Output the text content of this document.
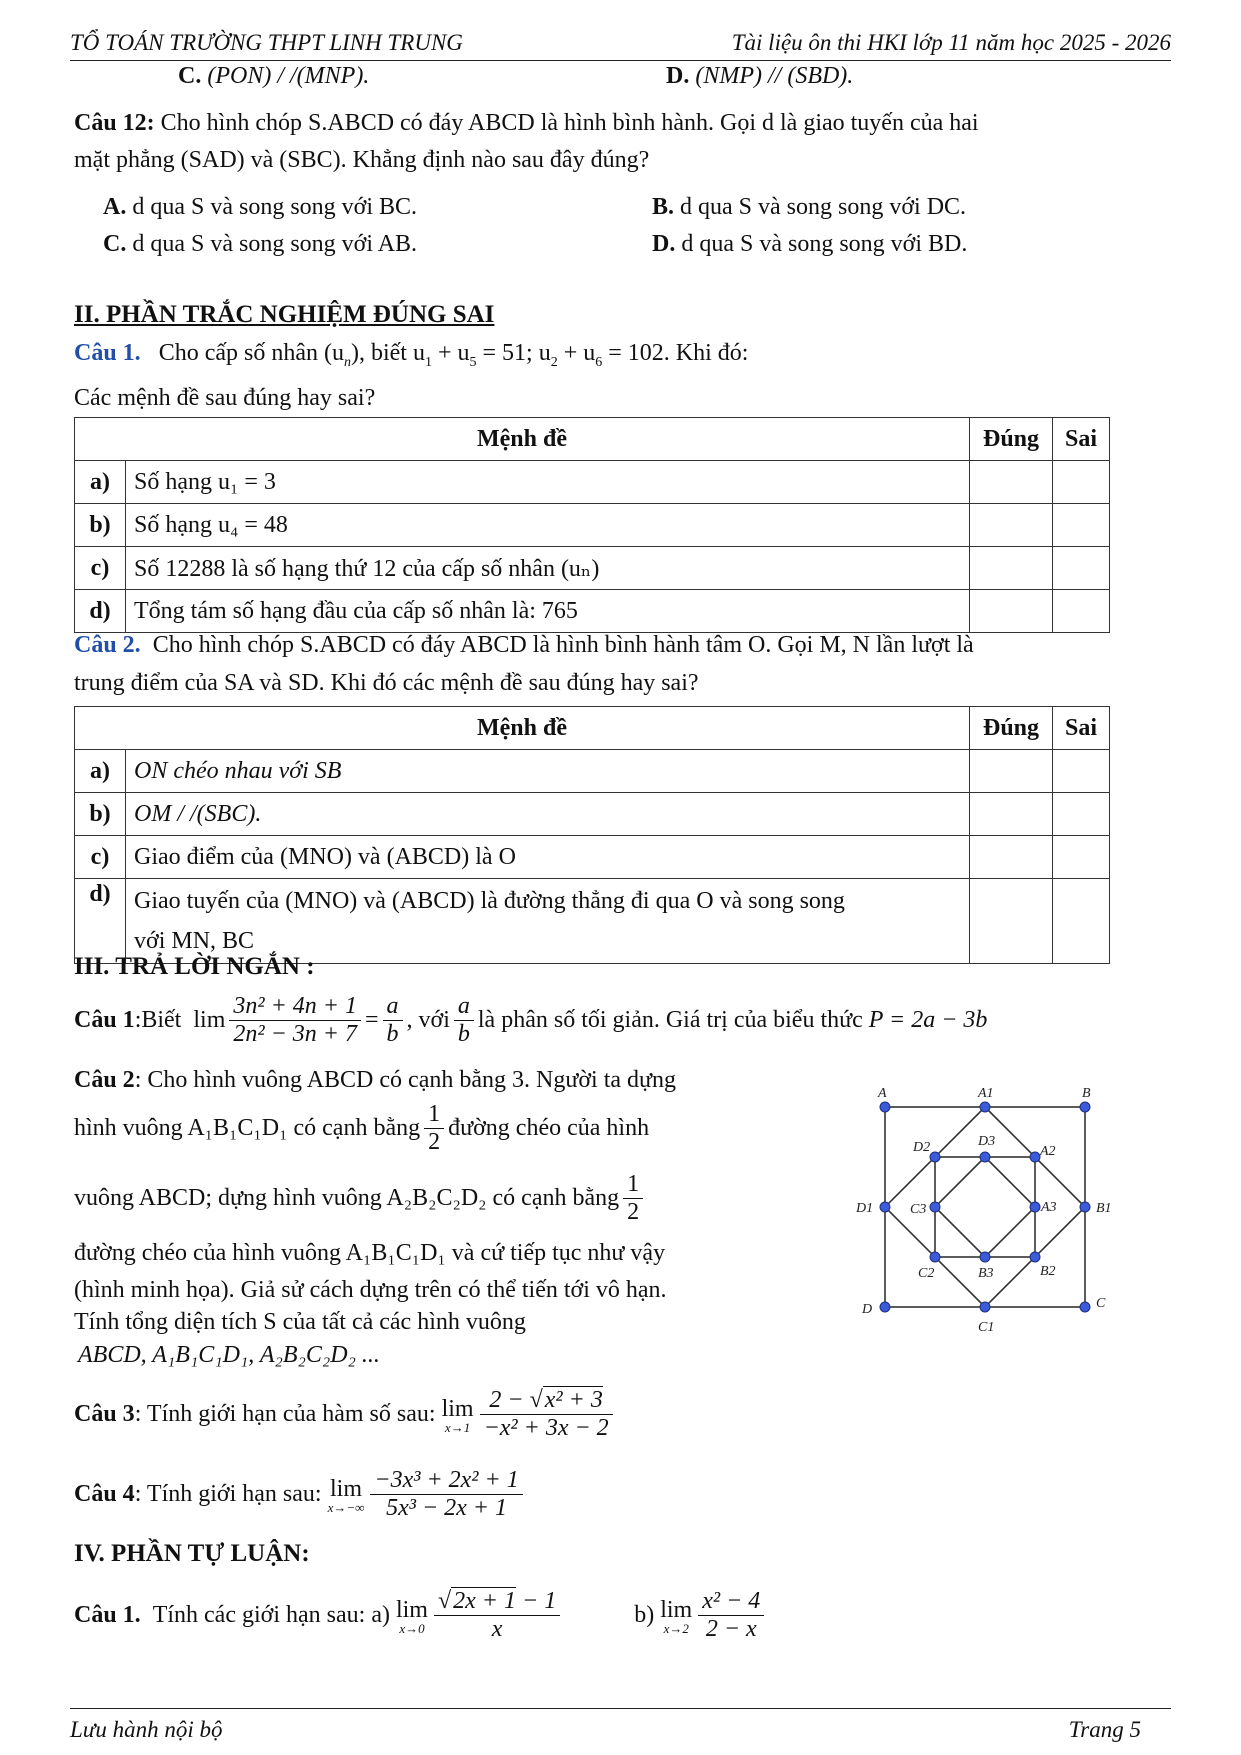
TỔ TOÁN TRƯỜNG THPT LINH TRUNG	Tài liệu ôn thi HKI lớp 11 năm học 2025 - 2026
C. (PON) / /(MNP).	D. (NMP) // (SBD).
Câu 12: Cho hình chóp S.ABCD có đáy ABCD là hình bình hành. Gọi d là giao tuyến của hai
mặt phẳng (SAD) và (SBC). Khẳng định nào sau đây đúng?
A. d qua S và song song với BC.	B. d qua S và song song với DC.
C. d qua S và song song với AB.	D. d qua S và song song với BD.
II. PHẦN TRẮC NGHIỆM ĐÚNG SAI
Câu 1. Cho cấp số nhân $(u_n)$, biết $u_1 + u_5 = 51$; $u_2 + u_6 = 102$. Khi đó:
Các mệnh đề sau đúng hay sai?
Mệnh đề		Đúng	Sai
a)	Số hạng u₁ = 3		
b)	Số hạng u₄ = 48		
c)	Số 12288 là số hạng thứ 12 của cấp số nhân (uₙ)		
d)	Tổng tám số hạng đầu của cấp số nhân là: 765		
Câu 2. Cho hình chóp S.ABCD có đáy ABCD là hình bình hành tâm O. Gọi M, N lần lượt là
trung điểm của SA và SD. Khi đó các mệnh đề sau đúng hay sai?
Mệnh đề		Đúng	Sai
a)	ON chéo nhau với SB		
b)	OM / /(SBC).		
c)	Giao điểm của (MNO) và (ABCD) là O		
d)	Giao tuyến của (MNO) và (ABCD) là đường thẳng đi qua O và song song
với MN, BC		
III. TRẢ LỜI NGẮN :
Câu 1 :Biết
$\lim \frac{\text{3n² + 4n + 1}}{\text{2n² − 3n + 7}} = \frac{a}{b}$ , với $\frac{a}{b}$ là phân số tối giản. Giá trị của biểu thức
P = 2a − 3b
Câu 2: Cho hình vuông ABCD có cạnh bằng 3. Người ta dựng
hình vuông A₁B₁C₁D₁ có cạnh bằng $\frac{1}{2}$ đường chéo của hình
vuông ABCD; dựng hình vuông A₂B₂C₂D₂ có cạnh bằng $\frac{1}{2}$
đường chéo của hình vuông A₁B₁C₁D₁ và cứ tiếp tục như vậy
(hình minh họa). Giả sử cách dựng trên có thể tiến tới vô hạn.
Tính tổng diện tích S của tất cả các hình vuông
ABCD, A₁B₁C₁D₁, A₂B₂C₂D₂ ...
A	A1	B
D2	D3
A2
D1	C3	A3	B1
C2	B3	B2
D
C1
C
Câu 3 : Tính giới hạn của hàm số sau:
lim
$x\to 1 \frac{\text{2 − √x² + 3}}{\text{−x² + 3x − 2}}$
Câu 4 : Tính giới hạn sau:
lim
$x\to-\infty \frac{\text{−3x³ + 2x² + 1}}{\text{5x³ − 2x + 1}}$
IV. PHẦN TỰ LUẬN:
Câu 1.
Tính các giới hạn sau: a)
lim
$x\to 0 \frac{√2x + 1 - 1}{x}$	b)
lim
$x\to 2 \frac{\text{x² − 4}}{2 - x}$
Lưu hành nội bộ	Trang 5
